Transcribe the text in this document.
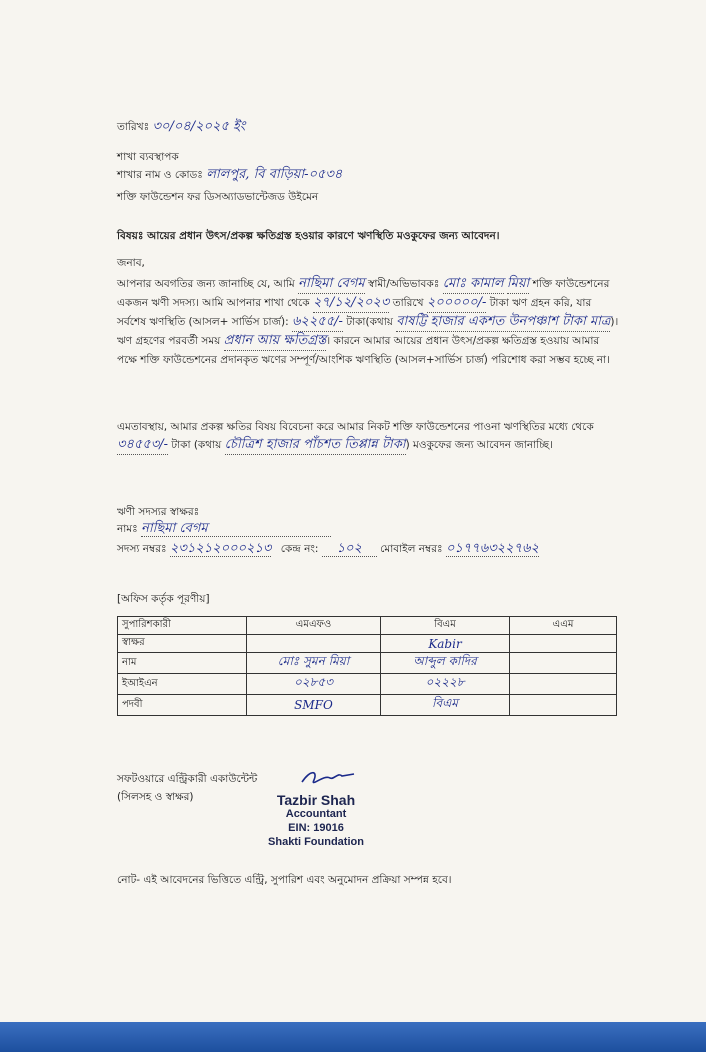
তারিখঃ ৩০/০৪/২০২৫ ইং
শাখা ব্যবস্থাপক
শাখার নাম ও কোডঃ লালপুর, বি বাড়িয়া-০৫৩৪
শক্তি ফাউন্ডেশন ফর ডিসঅ্যাডভান্টেজড উইমেন
বিষয়ঃ আয়ের প্রধান উৎস/প্রকল্প ক্ষতিগ্রস্ত হওয়ার কারণে ঋণস্থিতি মওকুফের জন্য আবেদন।
জনাব,
আপনার অবগতির জন্য জানাচ্ছি যে, আমি নাছিমা বেগম স্বামী/অভিভাবকঃ মোঃ কামাল মিয়া শক্তি ফাউন্ডেশনের একজন ঋণী সদস্য। আমি আপনার শাখা থেকে ২৭/১২/২০২৩ তারিখে ২০০০০০/- টাকা ঋণ গ্রহন করি, যার সর্বশেষ ঋণস্থিতি (আসল+ সার্ভিস চার্জ): ৬২২৫৫/- টাকা(কথায় বাষট্টি হাজার একশত উনপঞ্চাশ টাকা মাত্র)। ঋণ গ্রহণের পরবর্তী সময় প্রধান আয় ক্ষতিগ্রস্ত। কারনে আমার আয়ের প্রধান উৎস/প্রকল্প ক্ষতিগ্রস্ত হওয়ায় আমার পক্ষে শক্তি ফাউন্ডেশনের প্রদানকৃত ঋণের সম্পূর্ণ/আংশিক ঋণস্থিতি (আসল+সার্ভিস চার্জ) পরিশোধ করা সম্ভব হচ্ছে না।
এমতাবস্থায়, আমার প্রকল্প ক্ষতির বিষয় বিবেচনা করে আমার নিকট শক্তি ফাউন্ডেশনের পাওনা ঋণস্থিতির মধ্যে থেকে ৩৪৫৫৩/- টাকা (কথায় চৌত্রিশ হাজার পাঁচশত তিপ্পান্ন টাকা) মওকুফের জন্য আবেদন জানাচ্ছি।
ঋণী সদস্যর স্বাক্ষরঃ
নামঃ নাছিমা বেগম
সদস্য নম্বরঃ ২৩১২১২০০০২১৩ কেন্দ্র নং: ১০২ মোবাইল নম্বরঃ ০১৭৭৬৩২২৭৬২
[অফিস কর্তৃক পূরণীয়]
সুপারিশকারী	এমএফও	বিএম	এএম
স্বাক্ষর		Kabir	
নাম	মোঃ সুমন মিয়া	আব্দুল কাদির	
ইআইএন	০২৮৫৩	০২২২৮	
পদবী	SMFO	বিএম	
সফটওয়ারে এন্ট্রিকারী একাউন্টেন্ট
(সিলসহ ও স্বাক্ষর)	Tazbir Shah
Accountant
EIN: 19016
Shakti Foundation
নোট- এই আবেদনের ভিত্তিতে এন্ট্রি, সুপারিশ এবং অনুমোদন প্রক্রিয়া সম্পন্ন হবে।
